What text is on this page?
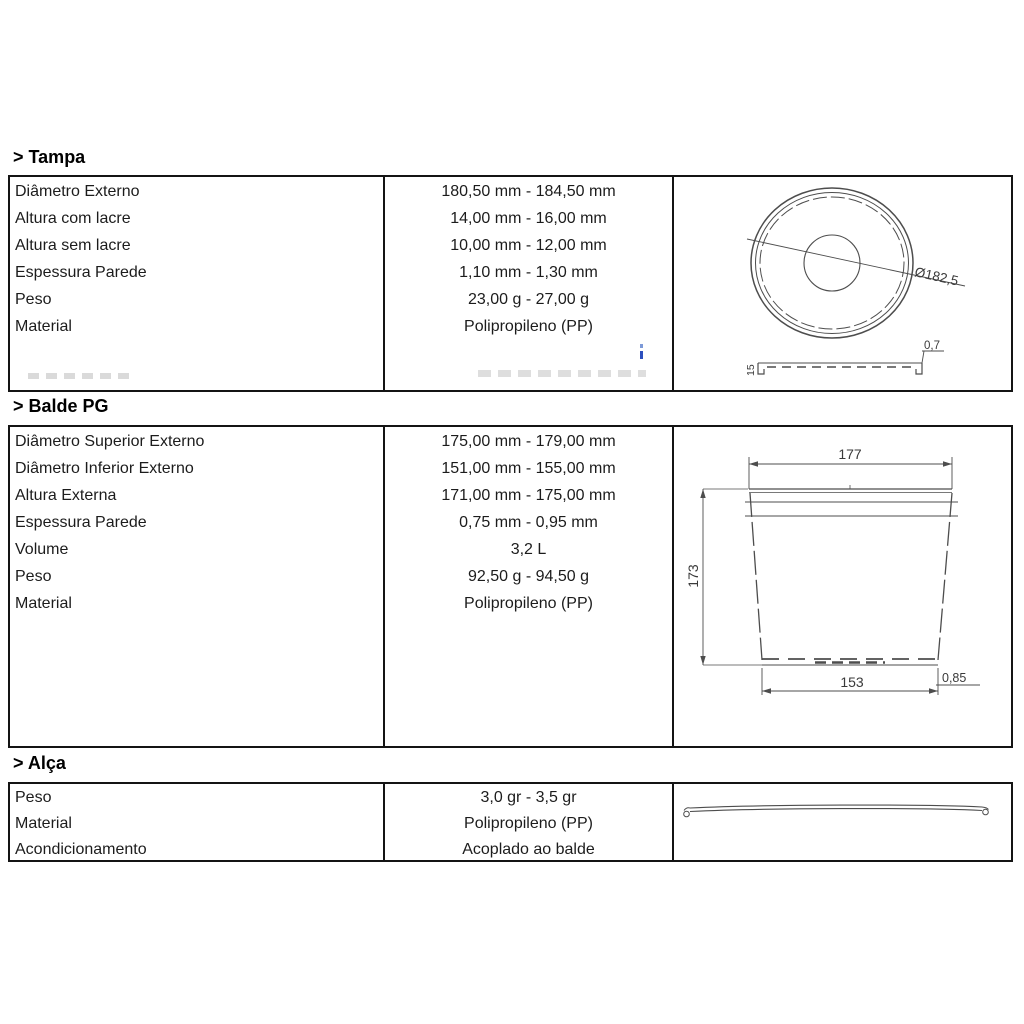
> Tampa
Diâmetro Externo
Altura com lacre
Altura sem lacre
Espessura Parede
Peso
Material
180,50 mm - 184,50 mm
14,00 mm - 16,00 mm
10,00 mm - 12,00 mm
1,10 mm - 1,30 mm
23,00 g - 27,00 g
Polipropileno (PP)
Ø182,5
15
0,7
> Balde PG
Diâmetro Superior Externo
Diâmetro Inferior Externo
Altura Externa
Espessura Parede
Volume
Peso
Material
175,00 mm - 179,00 mm
151,00 mm - 155,00 mm
171,00 mm - 175,00 mm
0,75 mm - 0,95 mm
3,2 L
92,50 g - 94,50 g
Polipropileno (PP)
177
173
153	0,85
> Alça
Peso
Material
Acondicionamento
3,0 gr - 3,5 gr
Polipropileno (PP)
Acoplado ao balde
